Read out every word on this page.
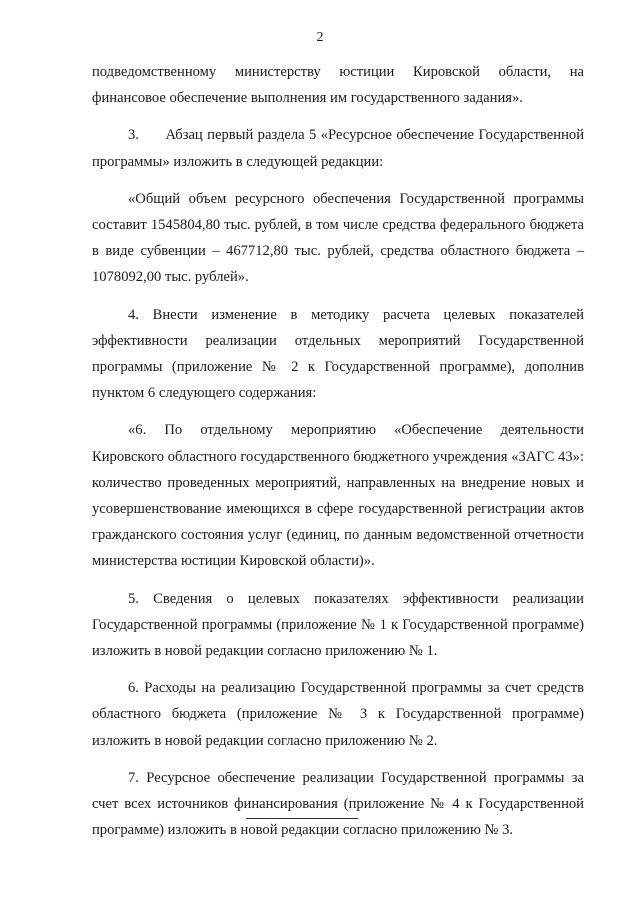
2

подведомственному министерству юстиции Кировской области, на финансовое обеспечение выполнения им государственного задания».

3.      Абзац первый раздела 5 «Ресурсное обеспечение Государственной программы» изложить в следующей редакции:

«Общий объем ресурсного обеспечения Государственной программы составит 1545804,80 тыс. рублей, в том числе средства федерального бюджета в виде субвенции – 467712,80 тыс. рублей, средства областного бюджета – 1078092,00 тыс. рублей».

4. Внести изменение в методику расчета целевых показателей эффективности реализации отдельных мероприятий Государственной программы (приложение № 2 к Государственной программе), дополнив пунктом 6 следующего содержания:

«6. По отдельному мероприятию «Обеспечение деятельности Кировского областного государственного бюджетного учреждения «ЗАГС 43»: количество проведенных мероприятий, направленных на внедрение новых и усовершенствование имеющихся в сфере государственной регистрации актов гражданского состояния услуг (единиц, по данным ведомственной отчетности министерства юстиции Кировской области)».

5. Сведения о целевых показателях эффективности реализации Государственной программы (приложение № 1 к Государственной программе) изложить в новой редакции согласно приложению № 1.

6. Расходы на реализацию Государственной программы за счет средств областного бюджета (приложение № 3 к Государственной программе) изложить в новой редакции согласно приложению № 2.

7. Ресурсное обеспечение реализации Государственной программы за счет всех источников финансирования (приложение № 4 к Государственной программе) изложить в новой редакции согласно приложению № 3.
